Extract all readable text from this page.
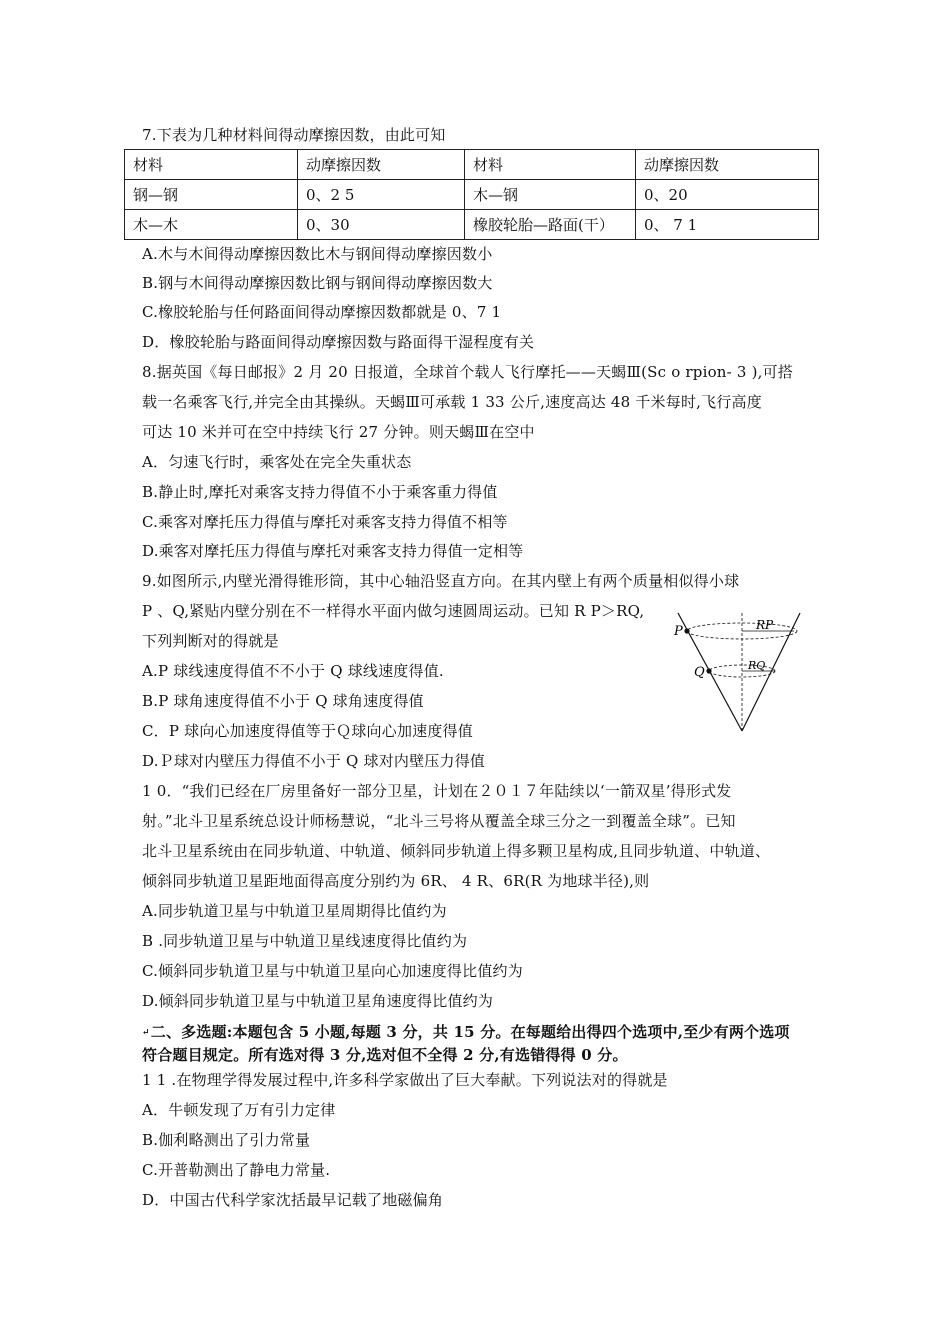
7.下表为几种材料间得动摩擦因数，由此可知
材料	动摩擦因数	材料	动摩擦因数
钢—钢	0、2 5	木—钢	0、20
木—木	0、30	橡胶轮胎—路面(干）	0、 7 1
A.木与木间得动摩擦因数比木与钢间得动摩擦因数小
B.钢与木间得动摩擦因数比钢与钢间得动摩擦因数大
C.橡胶轮胎与任何路面间得动摩擦因数都就是 0、7 1
D．橡胶轮胎与路面间得动摩擦因数与路面得干湿程度有关
8.据英国《每日邮报》2 月 20 日报道，全球首个载人飞行摩托——天蝎Ⅲ(Sc o rpion- 3 ),可搭
载一名乘客飞行,并完全由其操纵。天蝎Ⅲ可承载 1 33 公斤,速度高达 48 千米每时,飞行高度
可达 10 米并可在空中持续飞行 27 分钟。则天蝎Ⅲ在空中
A．匀速飞行时，乘客处在完全失重状态
B.静止时,摩托对乘客支持力得值不小于乘客重力得值
C.乘客对摩托压力得值与摩托对乘客支持力得值不相等
D.乘客对摩托压力得值与摩托对乘客支持力得值一定相等
9.如图所示,内壁光滑得锥形筒，其中心轴沿竖直方向。在其内壁上有两个质量相似得小球
P 、Q,紧贴内壁分别在不一样得水平面内做匀速圆周运动。已知 R P＞RQ,
下列判断对的得就是
A.P 球线速度得值不不小于 Q 球线速度得值.
B.P 球角速度得值不小于 Q 球角速度得值
C．P 球向心加速度得值等于Ｑ球向心加速度得值
D.Ｐ球对内壁压力得值不小于 Q 球对内壁压力得值
P	RP
Q	RQ
1 0．“我们已经在厂房里备好一部分卫星，计划在２０１７年陆续以‘一箭双星’得形式发
射。”北斗卫星系统总设计师杨慧说，“北斗三号将从覆盖全球三分之一到覆盖全球”。已知
北斗卫星系统由在同步轨道、中轨道、倾斜同步轨道上得多颗卫星构成,且同步轨道、中轨道、
倾斜同步轨道卫星距地面得高度分别约为 6R、 4 R、6R(R 为地球半径),则
A.同步轨道卫星与中轨道卫星周期得比值约为
B .同步轨道卫星与中轨道卫星线速度得比值约为
C.倾斜同步轨道卫星与中轨道卫星向心加速度得比值约为
D.倾斜同步轨道卫星与中轨道卫星角速度得比值约为
↵二、多选题:本题包含 5 小题,每题 3 分，共 15 分。在每题给出得四个选项中,至少有两个选项
符合题目规定。所有选对得 3 分,选对但不全得 2 分,有选错得得 0 分。
1 1 .在物理学得发展过程中,许多科学家做出了巨大奉献。下列说法对的得就是
A．牛顿发现了万有引力定律
B.伽利略测出了引力常量
C.开普勒测出了静电力常量.
D．中国古代科学家沈括最早记载了地磁偏角
